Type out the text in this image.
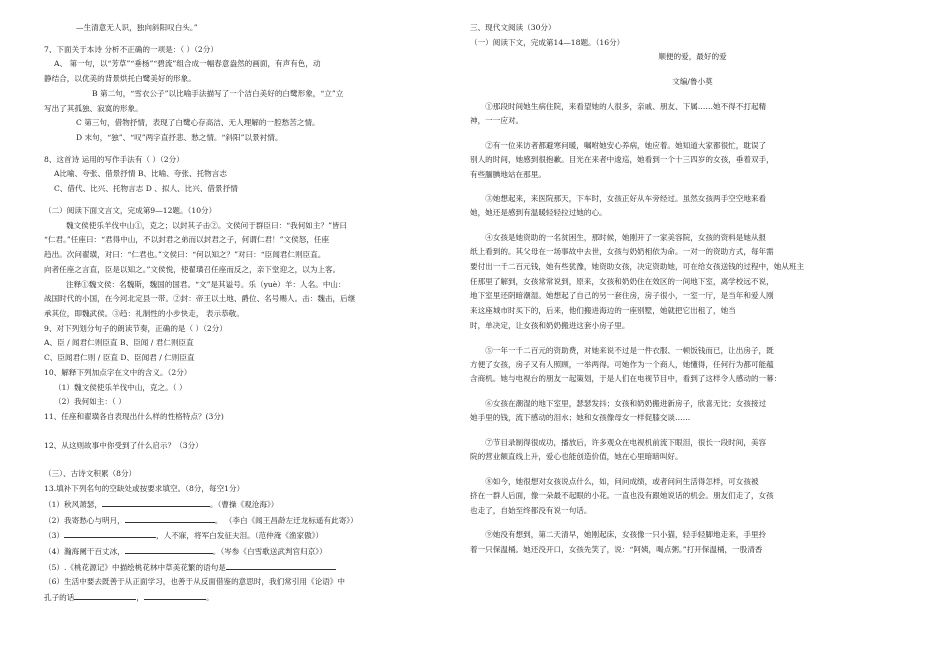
—生清意无人识，独向斜阳叹白头。”
7、下面关于本诗 分析不正确的一项是：（ ）（2分）
A、 第一句，以“芳草”“垂杨”“碧流”组合成一幅春意盎然的画面，有声有色，动
静结合，以优美的背景烘托白鹭美好的形象。
B 第二句，“雪衣公子”以比喻手法描写了一个洁白美好的白鹭形象，“立”立
写出了其孤独、寂寞的形象。
C 第三句，借物抒情，表现了白鹭心存高洁、无人理解的一腔愁苦之情。
D 末句，“独”、“叹”两字直抒悲、愁之情。“斜阳”以景衬情。
8、这首诗 运用的写作手法有（ ）（2分）
A比喻、夸张、借景抒情 B、比喻、夸张、托物言志
C、借代、比兴、托物言志 D 、拟人、比兴、借景抒情
（二）阅读下面文言文，完成第9—12题。（10分）
魏文侯使乐羊伐中山①，克之；以封其子击②。文侯问于群臣曰：“我何如主？”皆曰
“仁君。”任座曰：“君得中山，不以封君之弟而以封君之子，何谓仁君！”文侯怒，任座
趋出。次问翟璜，对曰：“仁君也。”文侯曰：“何以知之？”对曰：“臣闻君仁则臣直。
向者任座之言直，臣是以知之。”文侯悦，使翟璜召任座而反之，亲下堂迎之，以为上客。
注释①魏文侯：名魏斯，魏国的国君。“文”是其谥号。乐（yuè）羊：人名。中山：
战国时代的小国，在今河北定县一带。②封：帝王以土地、爵位、名号赐人。击：魏击，后继
承其位，即魏武侯。③趋：礼制性的小步快走， 表示恭敬。
9、对下列划分句子的朗读节奏，正确的是（ ）（2分）
A、臣 / 闻君仁则臣直 B、臣闻 / 君仁则臣直
C、臣闻君仁则 / 臣直 D、臣闻君 / 仁则臣直
10、解释下列加点字在文中的含义。（2分）
（1）魏文侯使乐羊伐中山，克之。（ ）
（2）我何如主：（ ）
11、任座和翟璜各自表现出什么样的性格特点？(3分)
12、从这则故事中你受到了什么启示？（3分）
（三）、古诗文积累（8分）
13.填补下列名句的空缺处或按要求填空。（8分，每空1分）
（1）秋风萧瑟，	。（曹操《观沧海》）
（2）我寄愁心与明月，	。 （李白《闻王昌龄左迁龙标遥有此寄》）
（3）	，人不寐，将军白发征夫泪。（范仲淹《渔家傲》）
（4）瀚海阑干百丈冰，	。（岑参《白雪歌送武判官归京》）
（5）.《桃花源记》中描绘桃花林中草美花繁的语句是
（6）生活中要去既善于从正面学习，也善于从反面借鉴的意思时，我们常引用《论语》中
孔子的话	，	。
三、现代文阅读（30分）
（一）阅读下文，完成第14—18题。（16分）
顺便的爱，最好的爱
文编/鲁小莫
①那段时间她生病住院，来看望她的人很多，亲戚、朋友、下属……她不得不打起精
神，一一应对。
②有一位来访者都避寒问暖，嘱咐她安心养病，她应着。她知道大家都很忙，耽误了
别人的时间，她感到很抱歉。目光在来者中逡巡，她看到一个十三四岁的女孩，垂着双手，
有些腼腆地站在那里。
③她想起来，来医院那天，下车时，女孩正好从车旁经过。虽然女孩两手空空地来看
她，她还是感到有温暖轻轻拉过她的心。
④女孩是她资助的一名贫困生，那时候，她刚开了一家美容院，女孩的资料是她从报
纸上看到的。其父母在一场事故中去世，女孩与奶奶相依为命。一对一的资助方式，每年需
要付出一千二百元钱，她有些犹豫，她资助女孩，决定资助她，可在给女孩送钱的过程中，她从班主
任那里了解到，女孩常常说到，原来，女孩和奶奶住在效区的一间地下室，离学校远不说，
地下室里还阴暗潮湿。她想起了自己的另一套住房，房子很小，一室一厅，是当年和爱人刚
来这座城市时买下的，后来，他们搬进海边的一座别墅，她就把它出租了，她当
时，单决定，让女孩和奶奶搬进这套小房子里。
⑤一年一千二百元的资助费，对她来说不过是一件衣服、一顿饭钱而已，让出房子，既
方便了女孩，房子又有人照顾，一举两得。可她作为一个商人，她懂得，任何行为都可能蕴
含商机。她与电视台的朋友一起策划，于是人们在电视节目中，看到了这样令人感动的一幕：
⑥女孩在潮湿的地下室里，瑟瑟发抖；女孩和奶奶搬进新房子，欣喜无比；女孩接过
她手里的钱，流下感动的泪水；她和女孩像母女一样促膝交谈……
⑦节目录制得很成功，播放后，许多观众在电视机前流下眼泪，很长一段时间，美容
院的营业额直线上升，爱心也能创造价值，她在心里暗暗叫好。
⑧如今，她很想对女孩说点什么，如，问问成绩，或者问问生活得怎样，可女孩被
挤在一群人后面，像一朵最不起眼的小花。一直也没有跟她说话的机会。朋友们走了，女孩
也走了，自始至终都没有说一句话。
⑨她没有想到，第二天清早，她刚起床，女孩像一只小猫，轻手轻脚地走来，手里拎
着一只保温桶。她还没开口，女孩先笑了，说：“阿姨，喝点粥。”打开保温桶，一股清香
